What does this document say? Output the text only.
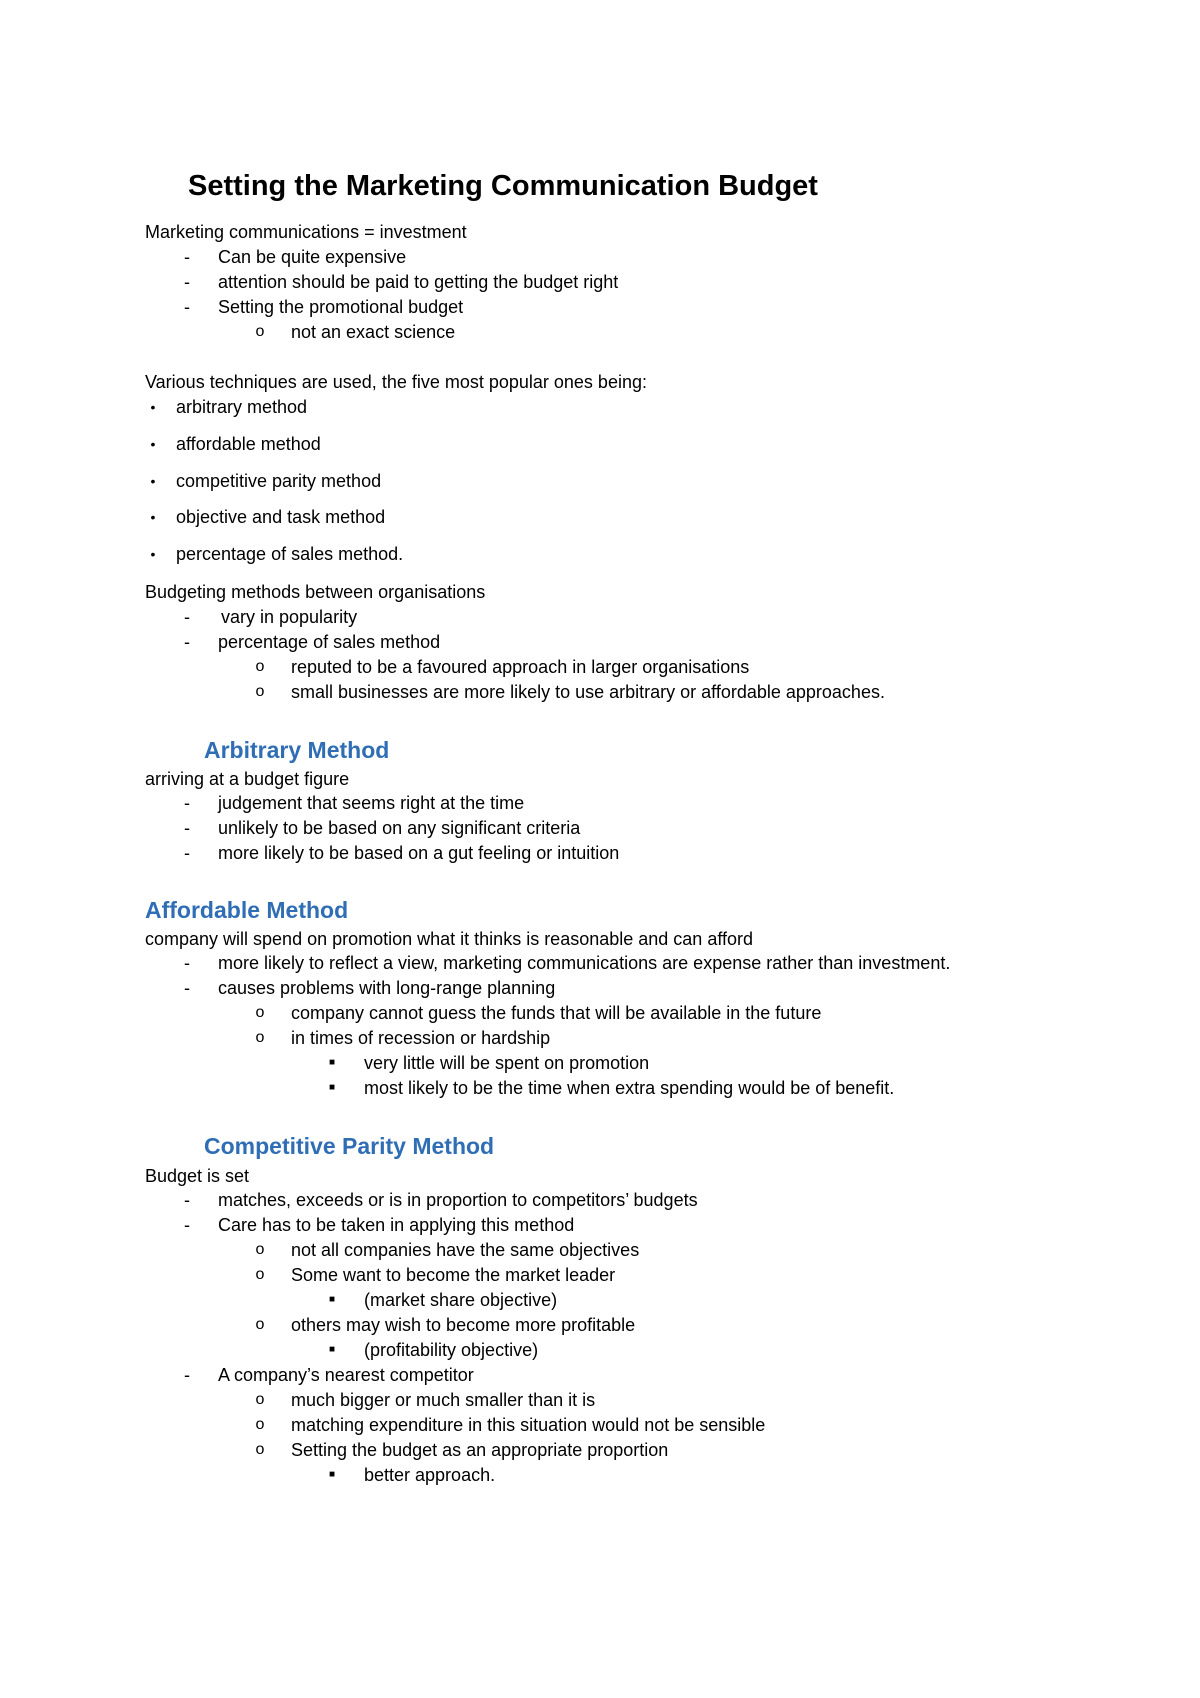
Setting the Marketing Communication Budget
Marketing communications = investment
- Can be quite expensive
- attention should be paid to getting the budget right
- Setting the promotional budget
o not an exact science
Various techniques are used, the five most popular ones being:
• arbitrary method
• affordable method
• competitive parity method
• objective and task method
• percentage of sales method.
Budgeting methods between organisations
- vary in popularity
- percentage of sales method
o reputed to be a favoured approach in larger organisations
o small businesses are more likely to use arbitrary or affordable approaches.
Arbitrary Method
arriving at a budget figure
- judgement that seems right at the time
- unlikely to be based on any significant criteria
- more likely to be based on a gut feeling or intuition
Affordable Method
company will spend on promotion what it thinks is reasonable and can afford
- more likely to reflect a view, marketing communications are expense rather than investment.
- causes problems with long-range planning
o company cannot guess the funds that will be available in the future
o in times of recession or hardship
■ very little will be spent on promotion
■ most likely to be the time when extra spending would be of benefit.
Competitive Parity Method
Budget is set
- matches, exceeds or is in proportion to competitors’ budgets
- Care has to be taken in applying this method
o not all companies have the same objectives
o Some want to become the market leader
■ (market share objective)
o others may wish to become more profitable
■ (profitability objective)
- A company’s nearest competitor
o much bigger or much smaller than it is
o matching expenditure in this situation would not be sensible
o Setting the budget as an appropriate proportion
■ better approach.
